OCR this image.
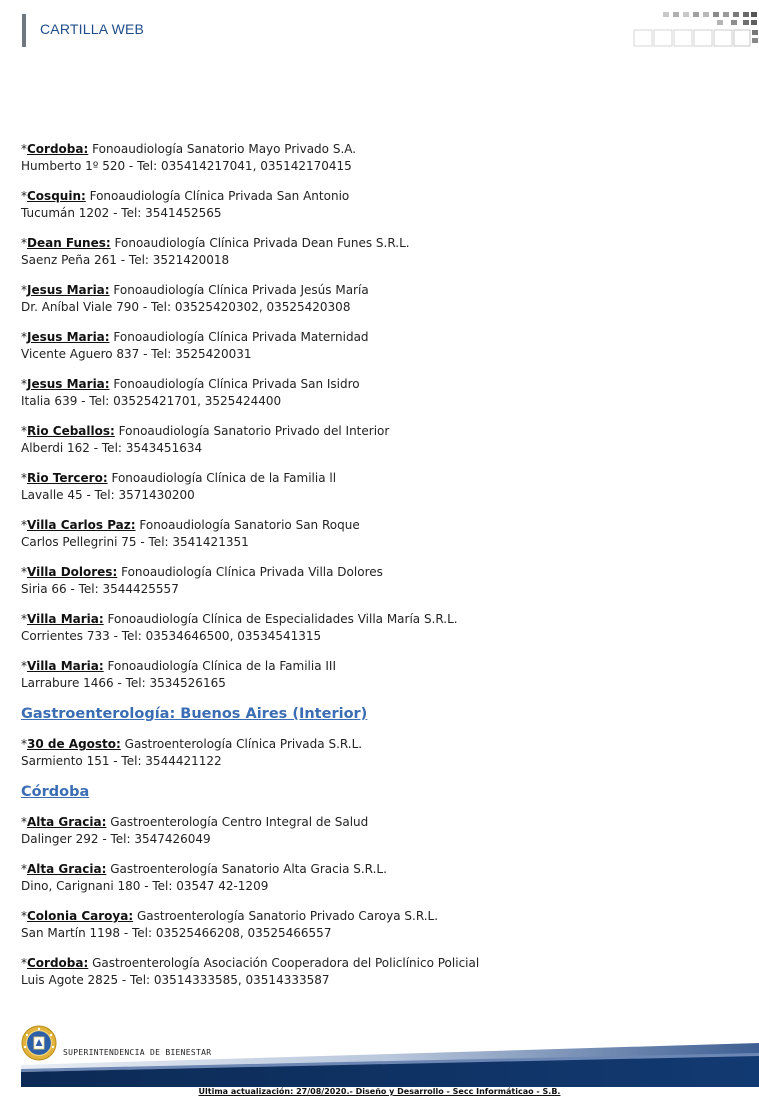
CARTILLA WEB
*Cordoba: Fonoaudiología Sanatorio Mayo Privado S.A.
Humberto 1º 520 - Tel: 035414217041, 035142170415
*Cosquin: Fonoaudiología Clínica Privada San Antonio
Tucumán 1202 - Tel: 3541452565
*Dean Funes: Fonoaudiología Clínica Privada Dean Funes S.R.L.
Saenz Peña 261 - Tel: 3521420018
*Jesus Maria: Fonoaudiología Clínica Privada Jesús María
Dr. Aníbal Viale 790 - Tel: 03525420302, 03525420308
*Jesus Maria: Fonoaudiología Clínica Privada Maternidad
Vicente Aguero 837 - Tel: 3525420031
*Jesus Maria: Fonoaudiología Clínica Privada San Isidro
Italia 639 - Tel: 03525421701, 3525424400
*Rio Ceballos: Fonoaudiología Sanatorio Privado del Interior
Alberdi 162 - Tel: 3543451634
*Rio Tercero: Fonoaudiología Clínica de la Familia ll
Lavalle 45 - Tel: 3571430200
*Villa Carlos Paz: Fonoaudiología Sanatorio San Roque
Carlos Pellegrini 75 - Tel: 3541421351
*Villa Dolores: Fonoaudiología Clínica Privada Villa Dolores
Siria 66 - Tel: 3544425557
*Villa Maria: Fonoaudiología Clínica de Especialidades Villa María S.R.L.
Corrientes 733 - Tel: 03534646500, 03534541315
*Villa Maria: Fonoaudiología Clínica de la Familia III
Larrabure 1466 - Tel: 3534526165
Gastroenterología: Buenos Aires (Interior)
*30 de Agosto: Gastroenterología Clínica Privada S.R.L.
Sarmiento 151 - Tel: 3544421122
Córdoba
*Alta Gracia: Gastroenterología Centro Integral de Salud
Dalinger 292 - Tel: 3547426049
*Alta Gracia: Gastroenterología Sanatorio Alta Gracia S.R.L.
Dino, Carignani 180 - Tel: 03547 42-1209
*Colonia Caroya: Gastroenterología Sanatorio Privado Caroya S.R.L.
San Martín 1198 - Tel: 03525466208, 03525466557
*Cordoba: Gastroenterología Asociación Cooperadora del Policlínico Policial
Luis Agote 2825 - Tel: 03514333585, 03514333587
SUPERINTENDENCIA DE BIENESTAR
Ultima actualización: 27/08/2020.- Diseño y Desarrollo - Secc Informáticao - S.B.
